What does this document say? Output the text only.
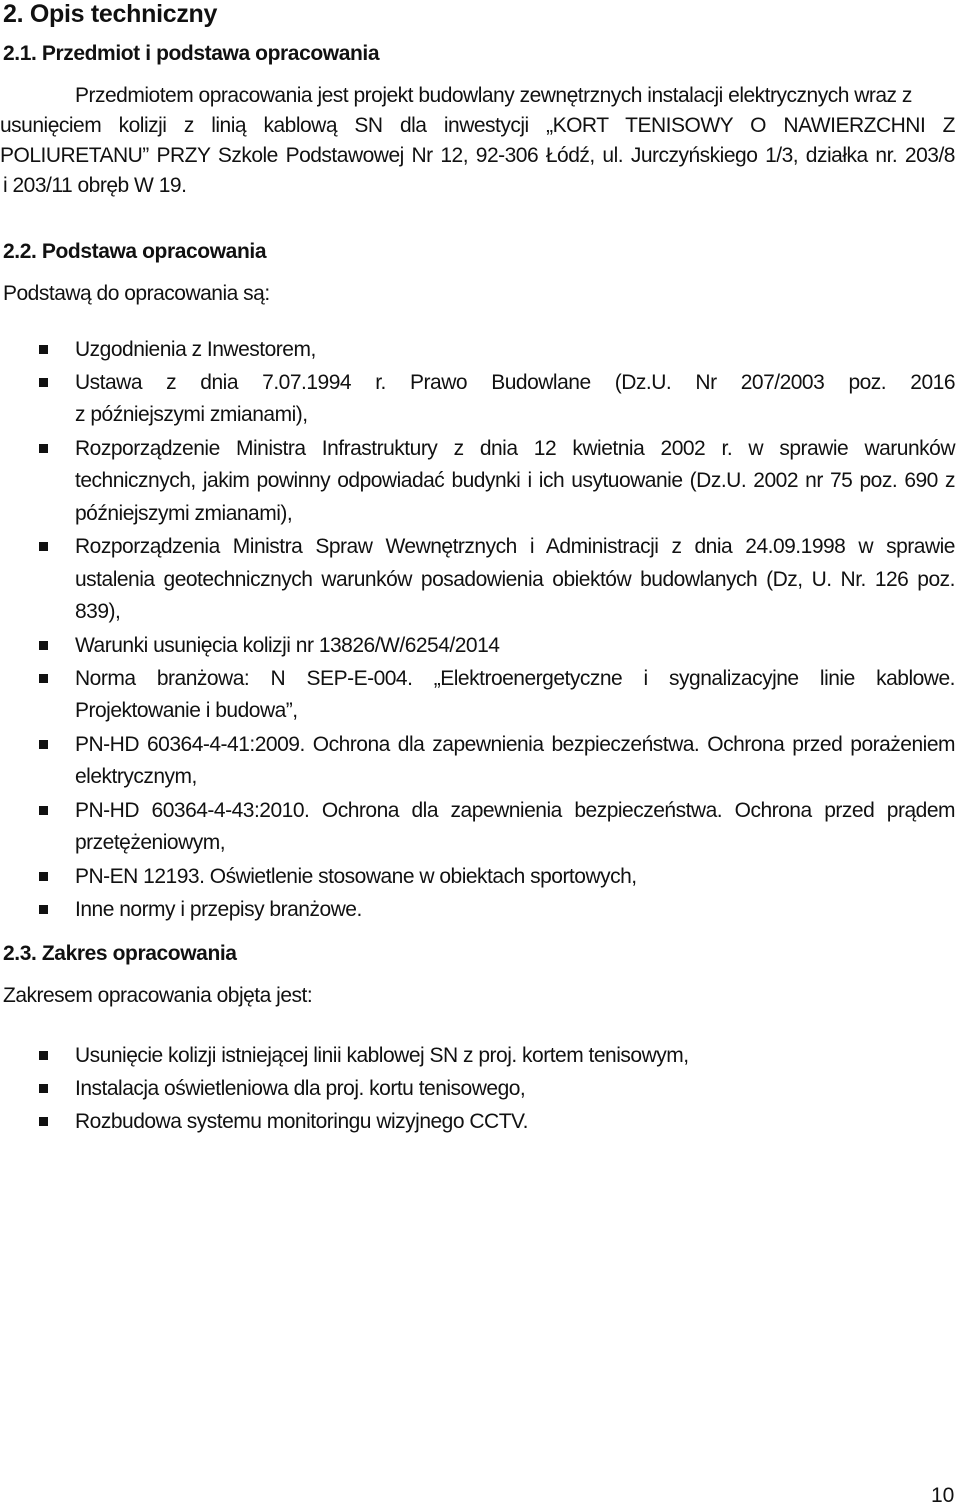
2. Opis techniczny
2.1. Przedmiot i podstawa opracowania
Przedmiotem opracowania jest projekt budowlany zewnętrznych instalacji elektrycznych wraz z
usunięciem kolizji z linią kablową SN dla inwestycji „KORT TENISOWY O NAWIERZCHNI Z
POLIURETANU” PRZY Szkole Podstawowej Nr 12, 92-306 Łódź, ul. Jurczyńskiego 1/3, działka nr. 203/8
i 203/11 obręb W 19.
2.2. Podstawa opracowania
Podstawą do opracowania są:
Uzgodnienia z Inwestorem,
Ustawa z dnia 7.07.1994 r. Prawo Budowlane (Dz.U. Nr 207/2003 poz. 2016
z późniejszymi zmianami),
Rozporządzenie Ministra Infrastruktury z dnia 12 kwietnia 2002 r. w sprawie warunków
technicznych, jakim powinny odpowiadać budynki i ich usytuowanie (Dz.U. 2002 nr 75 poz. 690 z
późniejszymi zmianami),
Rozporządzenia Ministra Spraw Wewnętrznych i Administracji z dnia 24.09.1998 w sprawie
ustalenia geotechnicznych warunków posadowienia obiektów budowlanych (Dz, U. Nr. 126 poz.
839),
Warunki usunięcia kolizji nr 13826/W/6254/2014
Norma branżowa: N SEP-E-004. „Elektroenergetyczne i sygnalizacyjne linie kablowe.
Projektowanie i budowa”,
PN-HD 60364-4-41:2009. Ochrona dla zapewnienia bezpieczeństwa. Ochrona przed porażeniem
elektrycznym,
PN-HD 60364-4-43:2010. Ochrona dla zapewnienia bezpieczeństwa. Ochrona przed prądem
przetężeniowym,
PN-EN 12193. Oświetlenie stosowane w obiektach sportowych,
Inne normy i przepisy branżowe.
2.3. Zakres opracowania
Zakresem opracowania objęta jest:
Usunięcie kolizji istniejącej linii kablowej SN z proj. kortem tenisowym,
Instalacja oświetleniowa dla proj. kortu tenisowego,
Rozbudowa systemu monitoringu wizyjnego CCTV.
10
